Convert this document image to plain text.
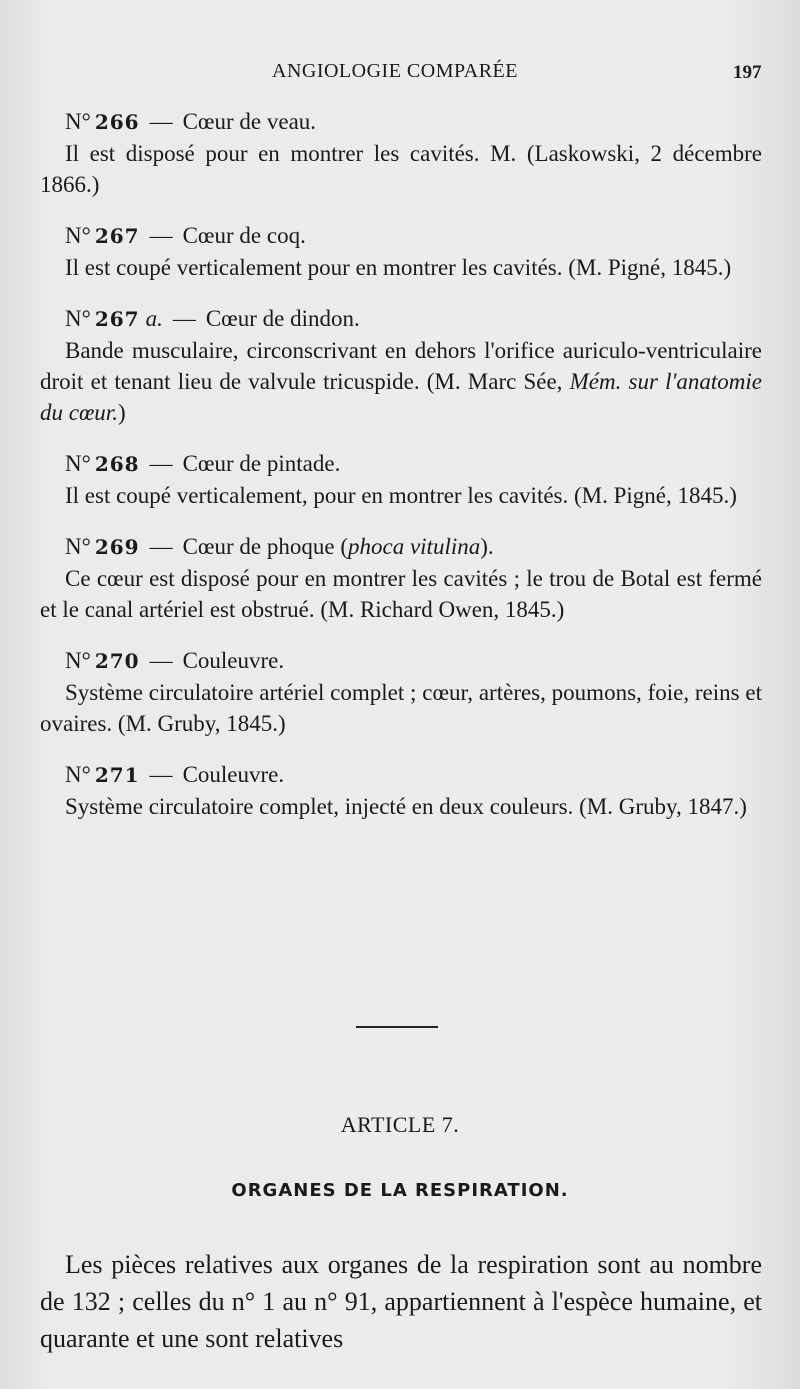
ANGIOLOGIE COMPARÉE	197
N° 266 — Cœur de veau.
Il est disposé pour en montrer les cavités. M. (Laskowski, 2 décembre 1866.)
N° 267 — Cœur de coq.
Il est coupé verticalement pour en montrer les cavités. (M. Pigné, 1845.)
N° 267 a. — Cœur de dindon.
Bande musculaire, circonscrivant en dehors l'orifice auriculo-ventriculaire droit et tenant lieu de valvule tricuspide. (M. Marc Sée, Mém. sur l'anatomie du cœur.)
N° 268 — Cœur de pintade.
Il est coupé verticalement, pour en montrer les cavités. (M. Pigné, 1845.)
N° 269 — Cœur de phoque (phoca vitulina).
Ce cœur est disposé pour en montrer les cavités ; le trou de Botal est fermé et le canal artériel est obstrué. (M. Richard Owen, 1845.)
N° 270 — Couleuvre.
Système circulatoire artériel complet ; cœur, artères, poumons, foie, reins et ovaires. (M. Gruby, 1845.)
N° 271 — Couleuvre.
Système circulatoire complet, injecté en deux couleurs. (M. Gruby, 1847.)
ARTICLE 7.
ORGANES DE LA RESPIRATION.
Les pièces relatives aux organes de la respiration sont au nombre de 132 ; celles du n° 1 au n° 91, appartiennent à l'espèce humaine, et quarante et une sont relatives
